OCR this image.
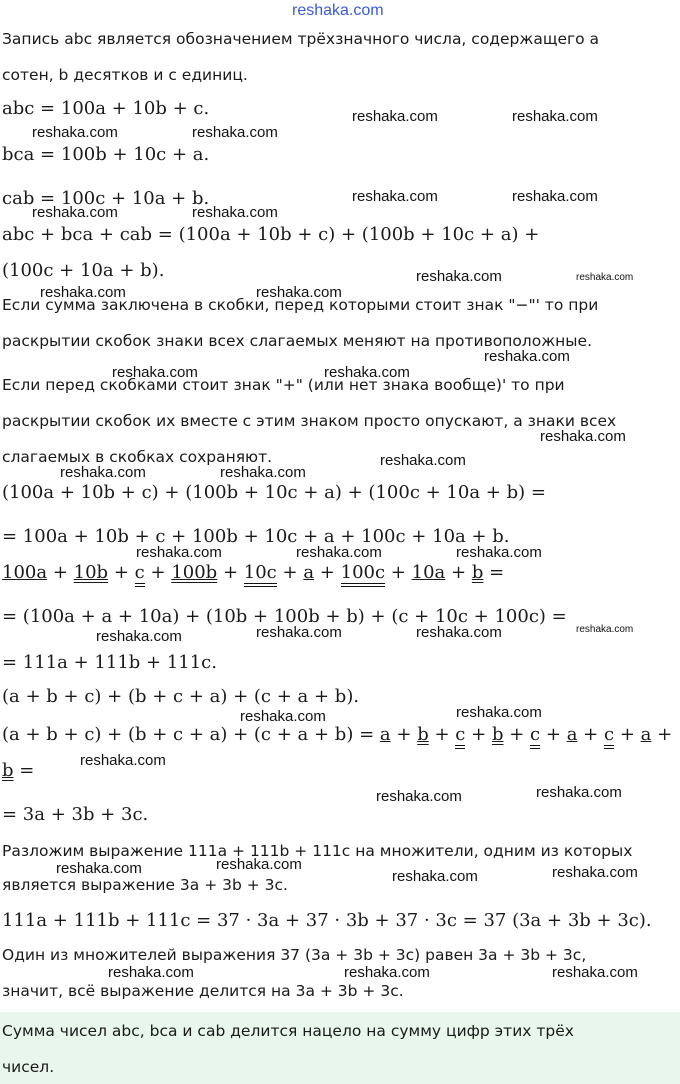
reshaka.com
reshaka.com	reshaka.com
reshaka.com	reshaka.com
reshaka.com	reshaka.com
reshaka.com	reshaka.com
reshaka.com	reshaka.com
reshaka.com	reshaka.com
reshaka.com
reshaka.com	reshaka.com
reshaka.com
reshaka.com
reshaka.com	reshaka.com
reshaka.com	reshaka.com	reshaka.com
reshaka.com	reshaka.com	reshaka.com
reshaka.com
reshaka.com
reshaka.com
reshaka.com
reshaka.com
reshaka.com
reshaka.com
reshaka.com	reshaka.com
reshaka.com
reshaka.com	reshaka.com	reshaka.com
Запись abc является обозначением трёхзначного числа, содержащего a
сотен, b десятков и c единиц.
abc = 100a + 10b + c.
bca = 100b + 10c + a.
cab = 100c + 10a + b.
abc + bca + cab = (100a + 10b + c) + (100b + 10c + a) +
(100c + 10a + b).
Если сумма заключена в скобки, перед которыми стоит знак "−"' то при
раскрытии скобок знаки всех слагаемых меняют на противоположные.
Если перед скобками стоит знак "+" (или нет знака вообще)' то при
раскрытии скобок их вместе с этим знаком просто опускают, а знаки всех
слагаемых в скобках сохраняют.
(100a + 10b + c) + (100b + 10c + a) + (100c + 10a + b) =
= 100a + 10b + c + 100b + 10c + a + 100c + 10a + b.
100a + 10b + c + 100b + 10c + a + 100c + 10a + b =
= (100a + a + 10a) + (10b + 100b + b) + (c + 10c + 100c) =
= 111a + 111b + 111c.
(a + b + c) + (b + c + a) + (c + a + b).
(a + b + c) + (b + c + a) + (c + a + b) = a + b + c + b + c + a + c + a +
b =
= 3a + 3b + 3c.
Разложим выражение 111a + 111b + 111c на множители, одним из которых
является выражение 3a + 3b + 3c.
111a + 111b + 111c = 37 · 3a + 37 · 3b + 37 · 3c = 37 (3a + 3b + 3c).
Один из множителей выражения 37 (3a + 3b + 3c) равен 3a + 3b + 3c,
значит, всё выражение делится на 3a + 3b + 3c.
Сумма чисел abc, bca и cab делится нацело на сумму цифр этих трёх
чисел.
